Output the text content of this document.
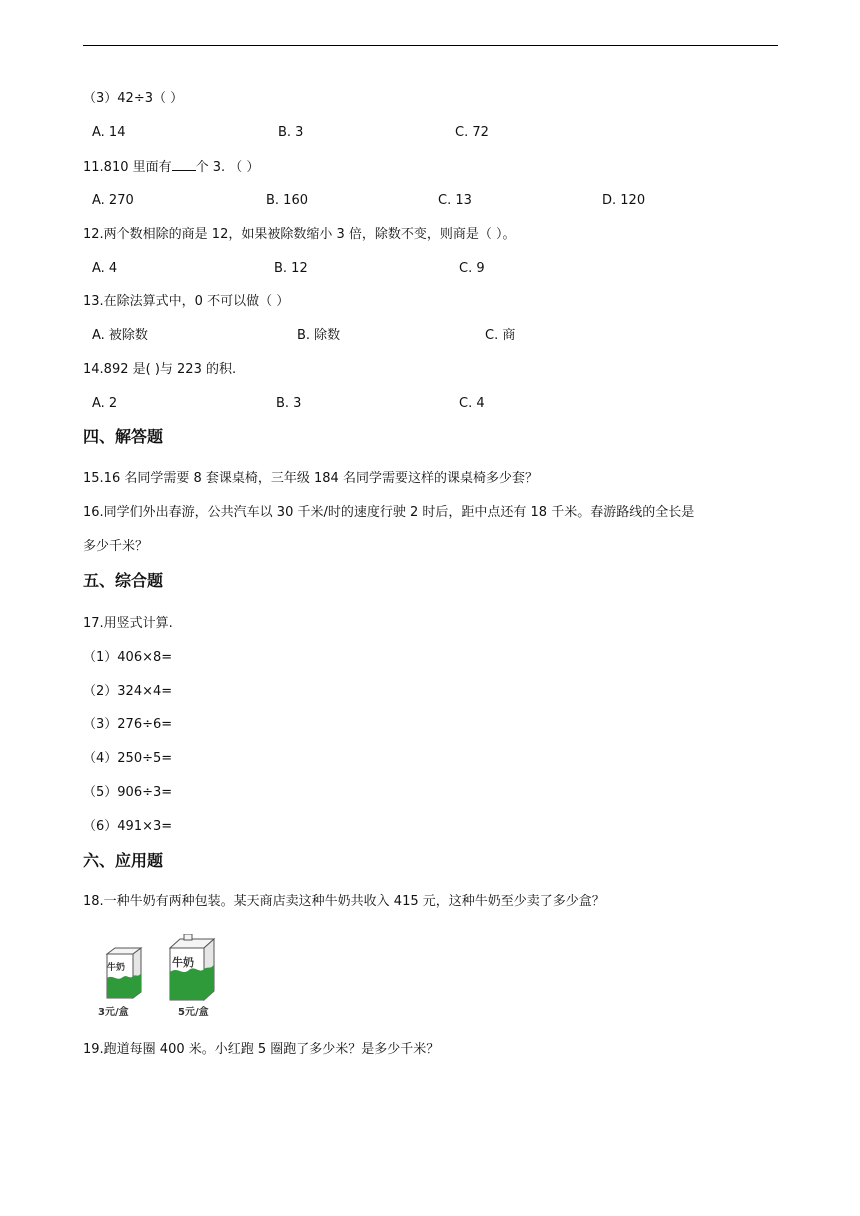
（3）42÷3（ ）
A. 14	B. 3	C. 72
11.810 里面有 个 3. （ ）
A. 270	B. 160	C. 13	D. 120
12.两个数相除的商是 12，如果被除数缩小 3 倍，除数不变，则商是（ ）。
A. 4	B. 12	C. 9
13.在除法算式中，0 不可以做（ ）
A. 被除数	B. 除数	C. 商
14.892 是( )与 223 的积.
A. 2	B. 3	C. 4
四、解答题
15.16 名同学需要 8 套课桌椅，三年级 184 名同学需要这样的课桌椅多少套？
16.同学们外出春游，公共汽车以 30 千米/时的速度行驶 2 时后，距中点还有 18 千米。春游路线的全长是
多少千米？
五、综合题
17.用竖式计算.
（1）406×8=
（2）324×4=
（3）276÷6=
（4）250÷5=
（5）906÷3=
（6）491×3=
六、应用题
18.一种牛奶有两种包装。某天商店卖这种牛奶共收入 415 元，这种牛奶至少卖了多少盒？
牛奶
3元/盒
牛奶
5元/盒
19.跑道每圈 400 米。小红跑 5 圈跑了多少米？是多少千米？
